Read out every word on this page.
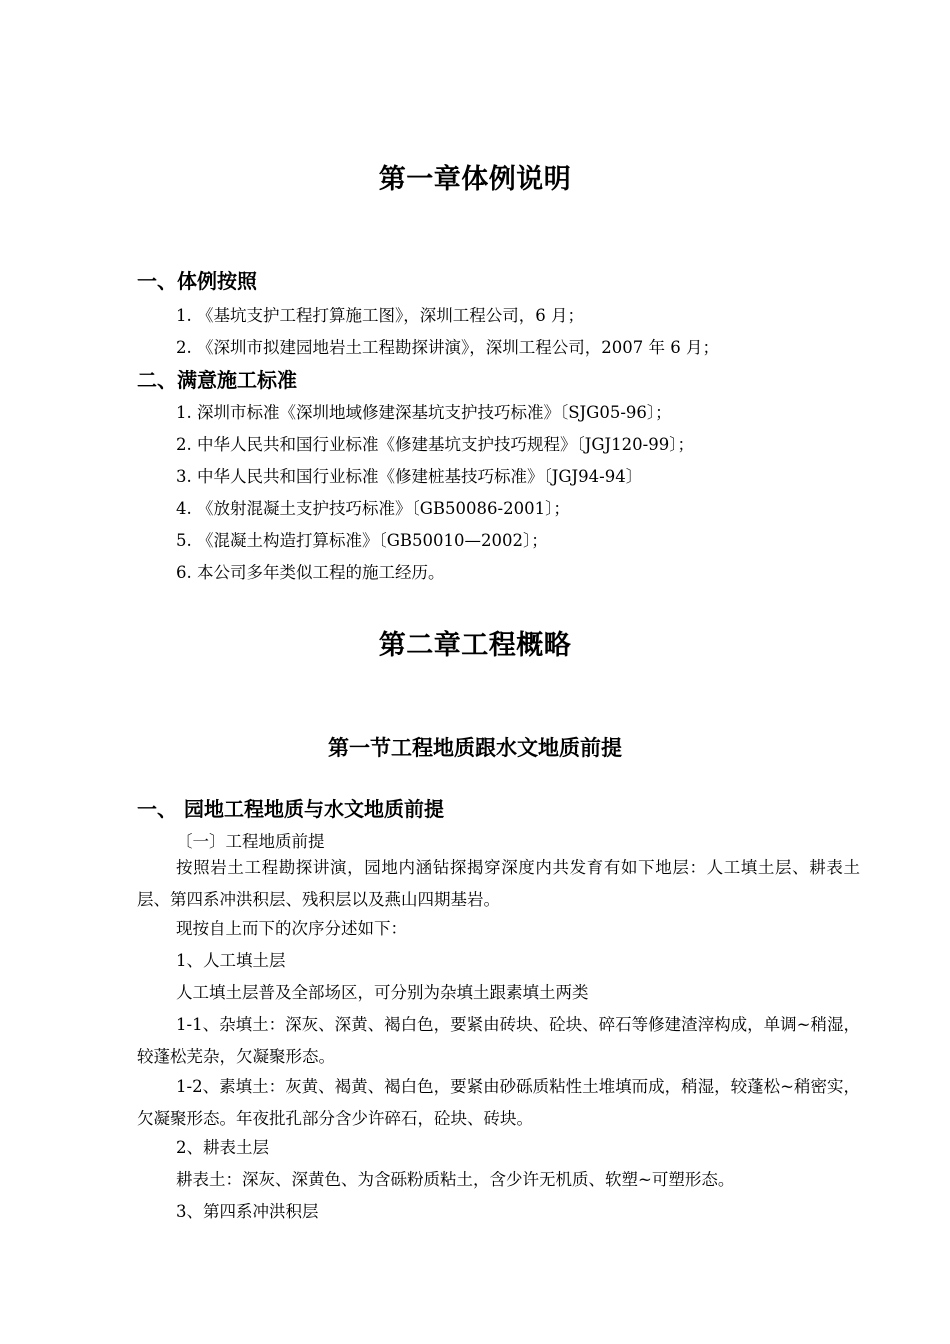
第一章体例说明
一、体例按照
1. 《基坑支护工程打算施工图》，深圳工程公司，6 月；
2. 《深圳市拟建园地岩土工程勘探讲演》，深圳工程公司，2007 年 6 月；
二、满意施工标准
1. 深圳市标准《深圳地域修建深基坑支护技巧标准》〔SJG05-96〕；
2. 中华人民共和国行业标准《修建基坑支护技巧规程》〔JGJ120-99〕；
3. 中华人民共和国行业标准《修建桩基技巧标准》〔JGJ94-94〕
4. 《放射混凝土支护技巧标准》〔GB50086-2001〕；
5. 《混凝土构造打算标准》〔GB50010—2002〕；
6. 本公司多年类似工程的施工经历。
第二章工程概略
第一节工程地质跟水文地质前提
一、 园地工程地质与水文地质前提
〔一〕工程地质前提
按照岩土工程勘探讲演，园地内涵钻探揭穿深度内共发育有如下地层：人工填土层、耕表土层、第四系冲洪积层、残积层以及燕山四期基岩。
现按自上而下的次序分述如下：
1、人工填土层
人工填土层普及全部场区，可分别为杂填土跟素填土两类
1-1、杂填土：深灰、深黄、褐白色，要紧由砖块、砼块、碎石等修建渣滓构成，单调~稍湿，较蓬松芜杂，欠凝聚形态。
1-2、素填土：灰黄、褐黄、褐白色，要紧由砂砾质粘性土堆填而成，稍湿，较蓬松~稍密实，欠凝聚形态。年夜批孔部分含少许碎石，砼块、砖块。
2、耕表土层
耕表土：深灰、深黄色、为含砾粉质粘土，含少许无机质、软塑~可塑形态。
3、第四系冲洪积层
